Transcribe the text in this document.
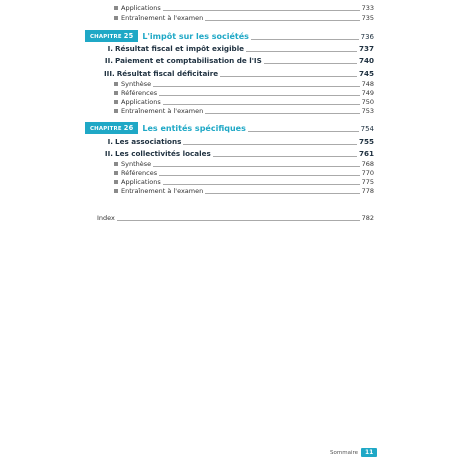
Applications	733
Entraînement à l'examen	735
CHAPITRE 25 L'impôt sur les sociétés	736
I. Résultat fiscal et impôt exigible	737
II. Paiement et comptabilisation de l'IS	740
III. Résultat fiscal déficitaire	745
Synthèse	748
Références	749
Applications	750
Entraînement à l'examen	753
CHAPITRE 26 Les entités spécifiques	754
I. Les associations	755
II. Les collectivités locales	761
Synthèse	768
Références	770
Applications	775
Entraînement à l'examen	778
Index	782
Sommaire	11
